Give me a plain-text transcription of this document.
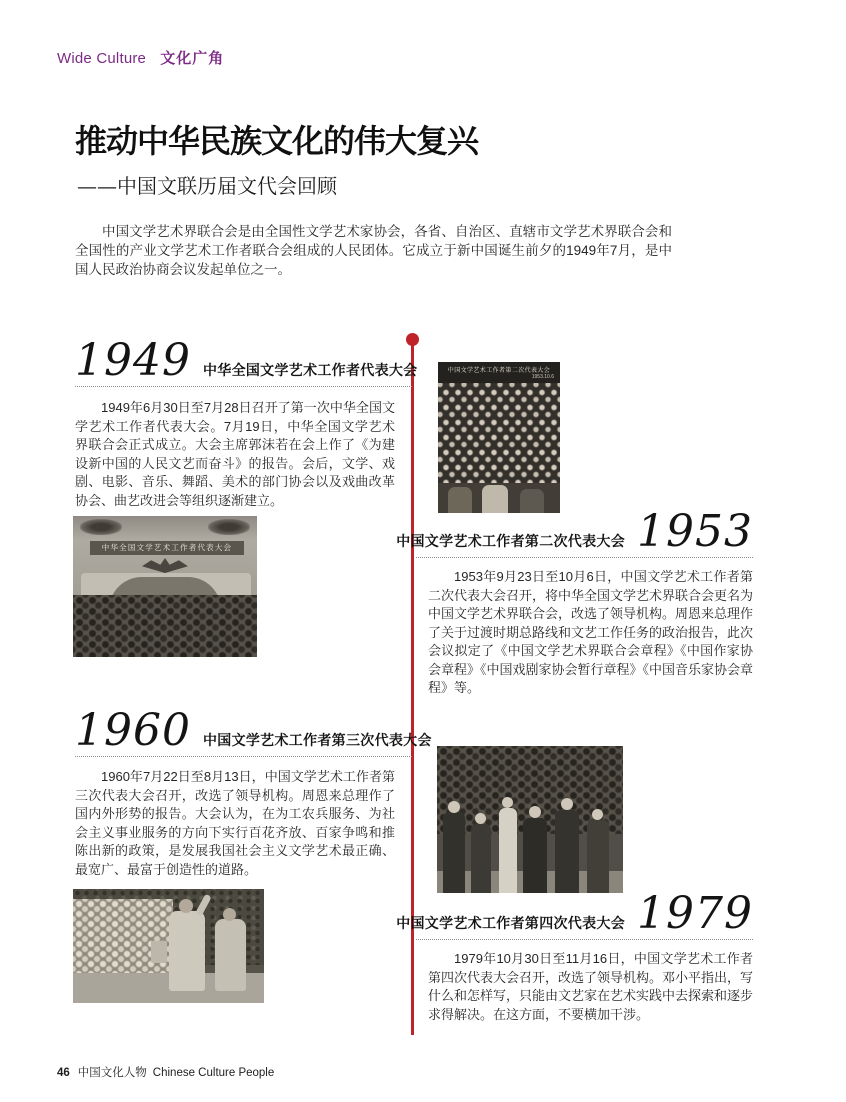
Wide Culture 文化广角
推动中华民族文化的伟大复兴
——中国文联历届文代会回顾

中国文学艺术界联合会是由全国性文学艺术家协会，各省、自治区、直辖市文学艺术界联合会和全国性的产业文学艺术工作者联合会组成的人民团体。它成立于新中国诞生前夕的1949年7月，是中国人民政治协商会议发起单位之一。

1949 中华全国文学艺术工作者代表大会

1949年6月30日至7月28日召开了第一次中华全国文学艺术工作者代表大会。7月19日，中华全国文学艺术界联合会正式成立。大会主席郭沫若在会上作了《为建设新中国的人民文艺而奋斗》的报告。会后，文学、戏剧、电影、音乐、舞蹈、美术的部门协会以及戏曲改革协会、曲艺改进会等组织逐渐建立。

中华全国文学艺术工作者代表大会
中国文学艺术工作者第二次代表大会
1953.10.6
中国文学艺术工作者第二次代表大会 1953

1953年9月23日至10月6日，中国文学艺术工作者第二次代表大会召开，将中华全国文学艺术界联合会更名为中国文学艺术界联合会，改选了领导机构。周恩来总理作了关于过渡时期总路线和文艺工作任务的政治报告，此次会议拟定了《中国文学艺术界联合会章程》《中国作家协会章程》《中国戏剧家协会暂行章程》《中国音乐家协会章程》等。

1960 中国文学艺术工作者第三次代表大会

1960年7月22日至8月13日，中国文学艺术工作者第三次代表大会召开，改选了领导机构。周恩来总理作了国内外形势的报告。大会认为，在为工农兵服务、为社会主义事业服务的方向下实行百花齐放、百家争鸣和推陈出新的政策，是发展我国社会主义文学艺术最正确、最宽广、最富于创造性的道路。

中国文学艺术工作者第四次代表大会 1979

1979年10月30日至11月16日，中国文学艺术工作者第四次代表大会召开，改选了领导机构。邓小平指出，写什么和怎样写，只能由文艺家在艺术实践中去探索和逐步求得解决。在这方面，不要横加干涉。

46 中国文化人物 Chinese Culture People
